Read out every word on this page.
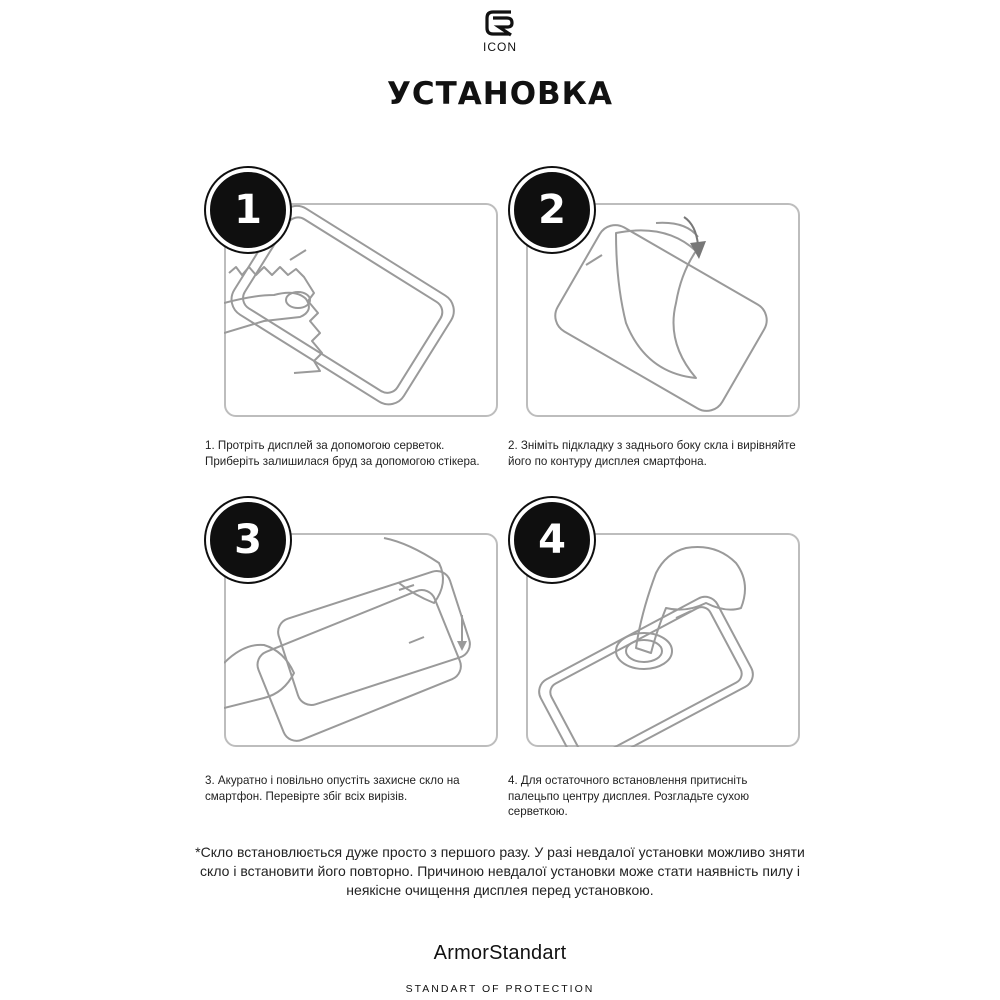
ICON
УСТАНОВКА
1
1. Протріть дисплей за допомогою серветок. Приберіть залишилася бруд за допомогою стікера.
2
2. Зніміть підкладку з заднього боку скла і вирівняйте його по контуру дисплея смартфона.
3
3. Акуратно і повільно опустіть захисне скло на смартфон. Перевірте збіг всіх вирізів.
4
4. Для остаточного встановлення притисніть палецьпо центру дисплея. Розгладьте сухою серветкою.
*Скло встановлюється дуже просто з першого разу. У разі невдалої установки можливо зняти скло і встановити його повторно. Причиною невдалої установки може стати наявність пилу і неякісне очищення дисплея перед установкою.
ArmorStandart
STANDART OF PROTECTION
